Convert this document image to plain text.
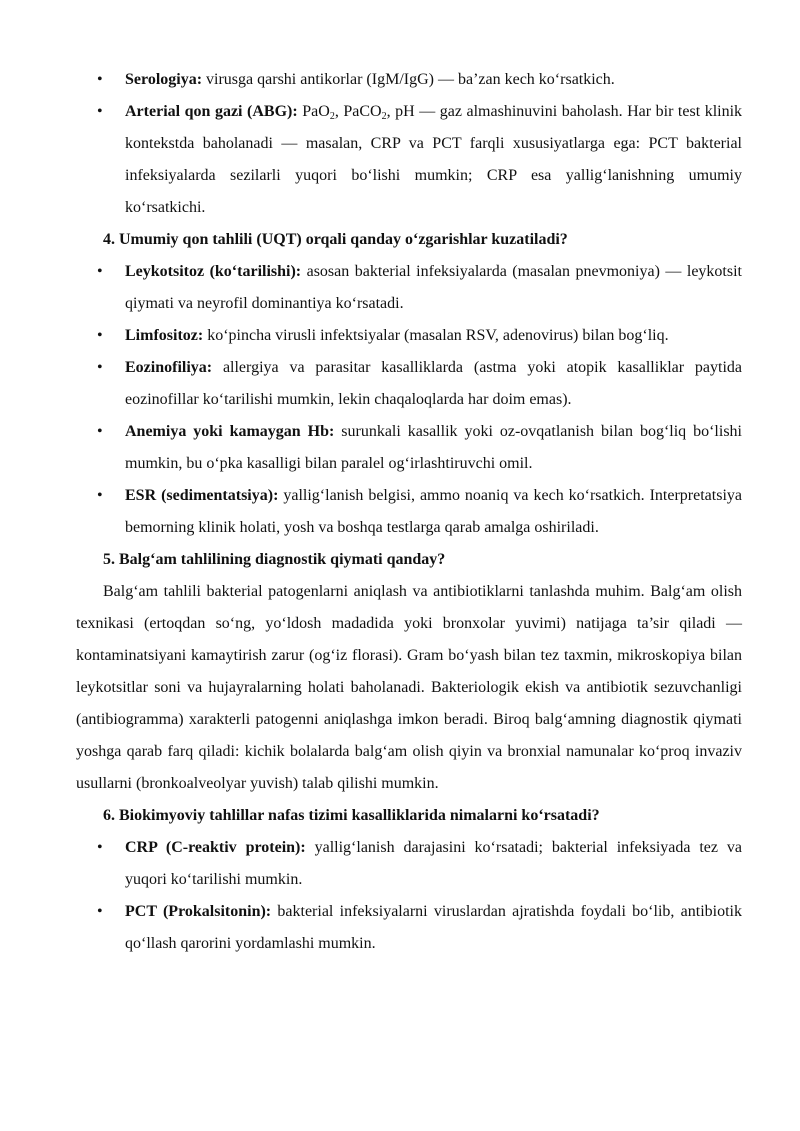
• Serologiya: virusga qarshi antikorlar (IgM/IgG) — ba’zan kech ko‘rsatkich.

• Arterial qon gazi (ABG): PaO$_2$, PaCO$_2$, pH — gaz almashinuvini baholash. Har bir test klinik kontekstda baholanadi — masalan, CRP va PCT farqli xususiyatlarga ega: PCT bakterial infeksiyalarda sezilarli yuqori bo‘lishi mumkin; CRP esa yallig‘lanishning umumiy ko‘rsatkichi.

4. Umumiy qon tahlili (UQT) orqali qanday o‘zgarishlar kuzatiladi?

• Leykotsitoz (ko‘tarilishi): asosan bakterial infeksiyalarda (masalan pnevmoniya) — leykotsit qiymati va neyrofil dominantiya ko‘rsatadi.

• Limfositoz: ko‘pincha virusli infektsiyalar (masalan RSV, adenovirus) bilan bog‘liq.

• Eozinofiliya: allergiya va parasitar kasalliklarda (astma yoki atopik kasalliklar paytida eozinofillar ko‘tarilishi mumkin, lekin chaqaloqlarda har doim emas).

• Anemiya yoki kamaygan Hb: surunkali kasallik yoki oz-ovqatlanish bilan bog‘liq bo‘lishi mumkin, bu o‘pka kasalligi bilan paralel og‘irlashtiruvchi omil.

• ESR (sedimentatsiya): yallig‘lanish belgisi, ammo noaniq va kech ko‘rsatkich. Interpretatsiya bemorning klinik holati, yosh va boshqa testlarga qarab amalga oshiriladi.

5. Balg‘am tahlilining diagnostik qiymati qanday?

Balg‘am tahlili bakterial patogenlarni aniqlash va antibiotiklarni tanlashda muhim. Balg‘am olish texnikasi (ertoqdan so‘ng, yo‘ldosh madadida yoki bronxolar yuvimi) natijaga ta’sir qiladi — kontaminatsiyani kamaytirish zarur (og‘iz florasi). Gram bo‘yash bilan tez taxmin, mikroskopiya bilan leykotsitlar soni va hujayralarning holati baholanadi. Bakteriologik ekish va antibiotik sezuvchanligi (antibiogramma) xarakterli patogenni aniqlashga imkon beradi. Biroq balg‘amning diagnostik qiymati yoshga qarab farq qiladi: kichik bolalarda balg‘am olish qiyin va bronxial namunalar ko‘proq invaziv usullarni (bronkoalveolyar yuvish) talab qilishi mumkin.

6. Biokimyoviy tahlillar nafas tizimi kasalliklarida nimalarni ko‘rsatadi?

• CRP (C-reaktiv protein): yallig‘lanish darajasini ko‘rsatadi; bakterial infeksiyada tez va yuqori ko‘tarilishi mumkin.

• PCT (Prokalsitonin): bakterial infeksiyalarni viruslardan ajratishda foydali bo‘lib, antibiotik qo‘llash qarorini yordamlashi mumkin.
